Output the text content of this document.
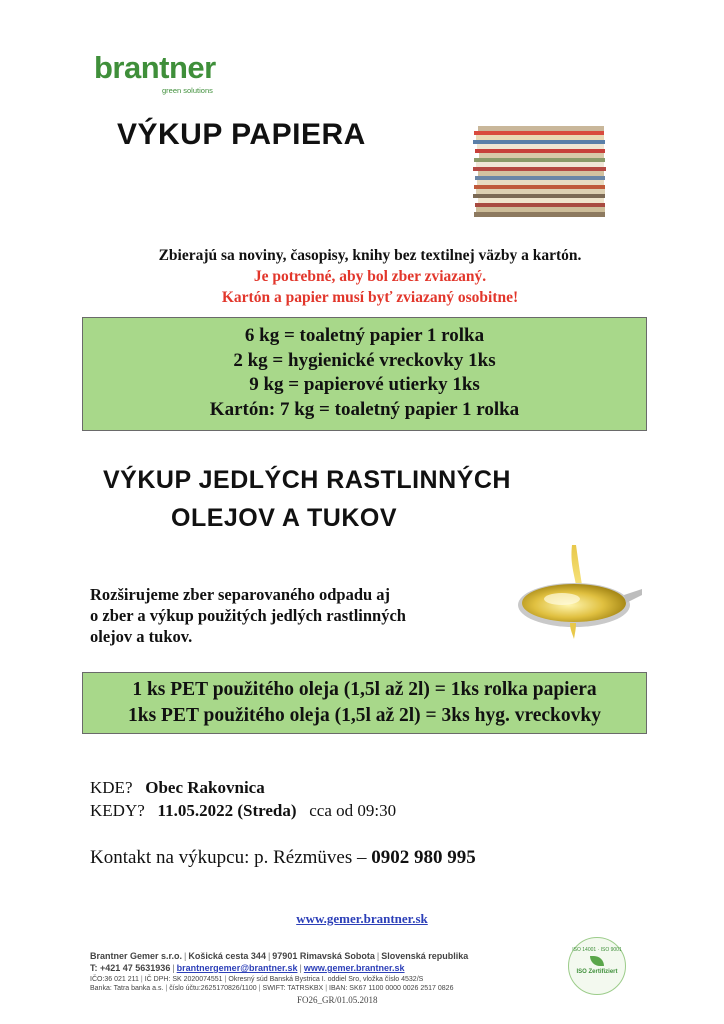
brantner
green solutions
VÝKUP PAPIERA
Zbierajú sa noviny, časopisy, knihy bez textilnej väzby a kartón.
Je potrebné, aby bol zber zviazaný.
Kartón a papier musí byť zviazaný osobitne!
6 kg = toaletný papier 1 rolka
2 kg = hygienické vreckovky 1ks
9 kg = papierové utierky 1ks
Kartón: 7 kg = toaletný papier 1 rolka
VÝKUP JEDLÝCH RASTLINNÝCH
OLEJOV A TUKOV
Rozširujeme zber separovaného odpadu aj
o zber a výkup použitých jedlých rastlinných
olejov a tukov.
1 ks PET použitého oleja (1,5l až 2l) = 1ks rolka papiera
1ks PET použitého oleja (1,5l až 2l) = 3ks hyg. vreckovky
KDE? Obec Rakovnica
KEDY? 11.05.2022 (Streda) cca od 09:30
Kontakt na výkupcu: p. Rézmüves – 0902 980 995
www.gemer.brantner.sk
Brantner Gemer s.r.o. | Košická cesta 344 | 97901 Rimavská Sobota | Slovenská republika
T: +421 47 5631936 | brantnergemer@brantner.sk | www.gemer.brantner.sk
IČO:36 021 211 | IČ DPH: SK 2020074551 | Okresný súd Banská Bystrica I. oddiel Sro, vložka číslo 4532/S
Banka: Tatra banka a.s. | číslo účtu:2625170826/1100 | SWIFT: TATRSKBX | IBAN: SK67 1100 0000 0026 2517 0826
FO26_GR/01.05.2018
ISO 14001 · ISO 9001
ISO Zertifiziert
